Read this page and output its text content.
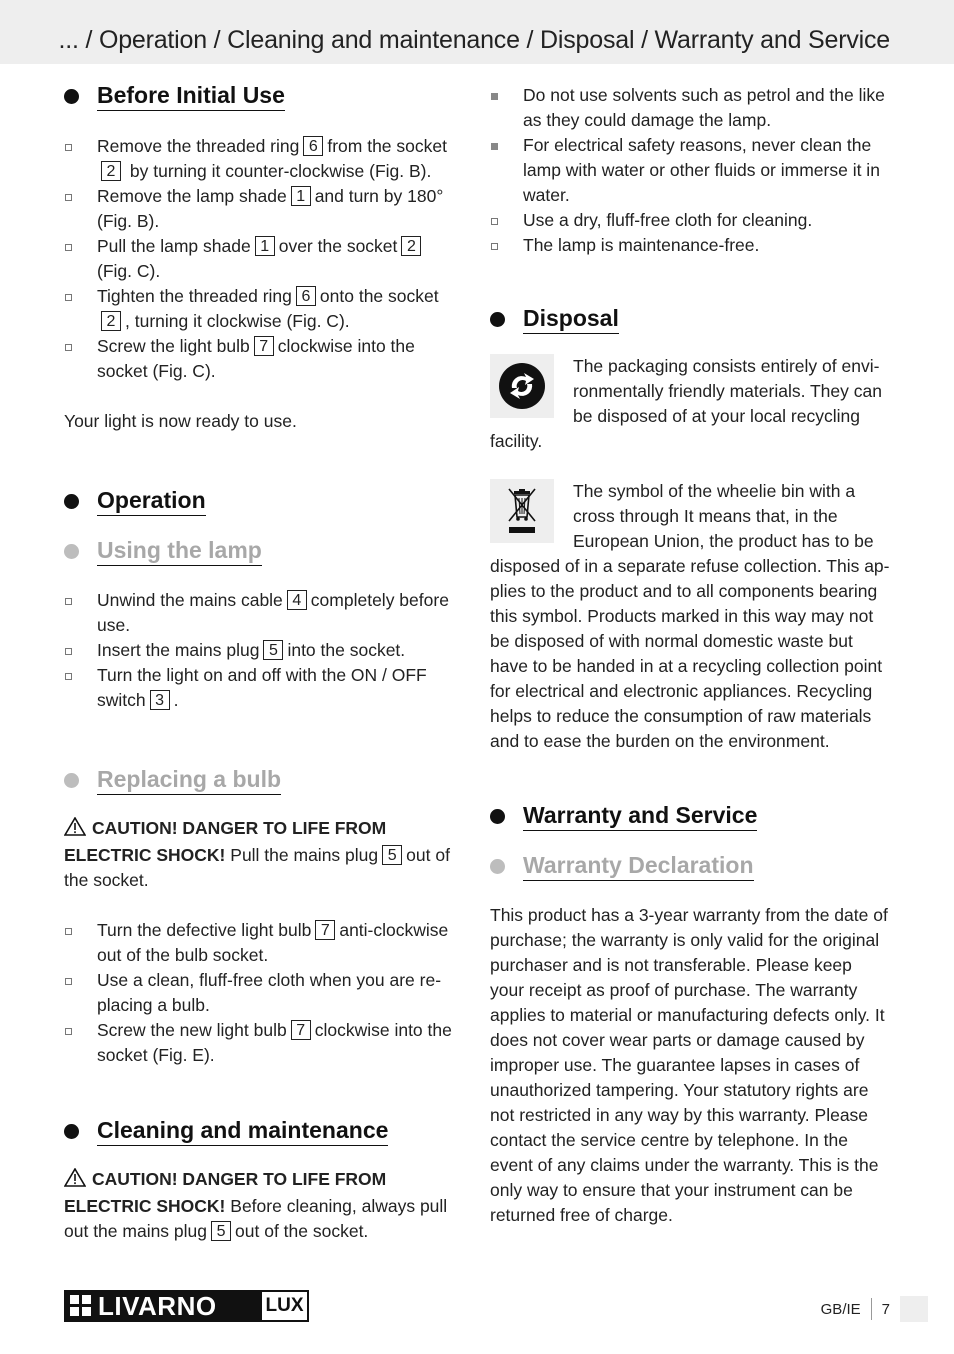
... / Operation / Cleaning and maintenance / Disposal / Warranty and Service
Before Initial Use
Remove the threaded ring 6 from the socket2 by turning it counter-clockwise (Fig. B).
Remove the lamp shade 1 and turn by 180° (Fig. B).
Pull the lamp shade 1 over the socket 2 (Fig. C).
Tighten the threaded ring 6 onto the socket2 , turning it clockwise (Fig. C).
Screw the light bulb 7 clockwise into the socket (Fig. C).

Your light is now ready to use.

Operation
Using the lamp
Unwind the mains cable 4 completely before use.
Insert the mains plug 5 into the socket.
Turn the light on and off with the ON / OFF switch 3 .
Replacing a bulb

CAUTION! DANGER TO LIFE FROM ELECTRIC SHOCK! Pull the mains plug 5 out of the socket.

Turn the defective light bulb 7 anti-clockwise out of the bulb socket.
Use a clean, fluff-free cloth when you are re-placing a bulb.
Screw the new light bulb 7 clockwise into the socket (Fig. E).
Cleaning and maintenance

CAUTION! DANGER TO LIFE FROM ELECTRIC SHOCK! Before cleaning, always pull out the mains plug 5 out of the socket.

Do not use solvents such as petrol and the like as they could damage the lamp.
For electrical safety reasons, never clean the lamp with water or other fluids or immerse it in water.
Use a dry, fluff-free cloth for cleaning.
The lamp is maintenance-free.
Disposal

The packaging consists entirely of envi-ronmentally friendly materials. They can be disposed of at your local recycling facility.

The symbol of the wheelie bin with a cross through It means that, in the European Union, the product has to be disposed of in a separate refuse collection. This ap-plies to the product and to all components bearing this symbol. Products marked in this way may not be disposed of with normal domestic waste but have to be handed in at a recycling collection point for electrical and electronic appliances. Recycling helps to reduce the consumption of raw materials and to ease the burden on the environment.

Warranty and Service
Warranty Declaration

This product has a 3-year warranty from the date of purchase; the warranty is only valid for the original purchaser and is not transferable. Please keep your receipt as proof of purchase. The warranty applies to material or manufacturing defects only. It does not cover wear parts or damage caused by improper use. The guarantee lapses in cases of unauthorized tampering. Your statutory rights are not restricted in any way by this warranty. Please contact the service centre by telephone. In the event of any claims under the warranty. This is the only way to ensure that your instrument can be returned free of charge.

LIVARNO	LUX	GB/IE 7
